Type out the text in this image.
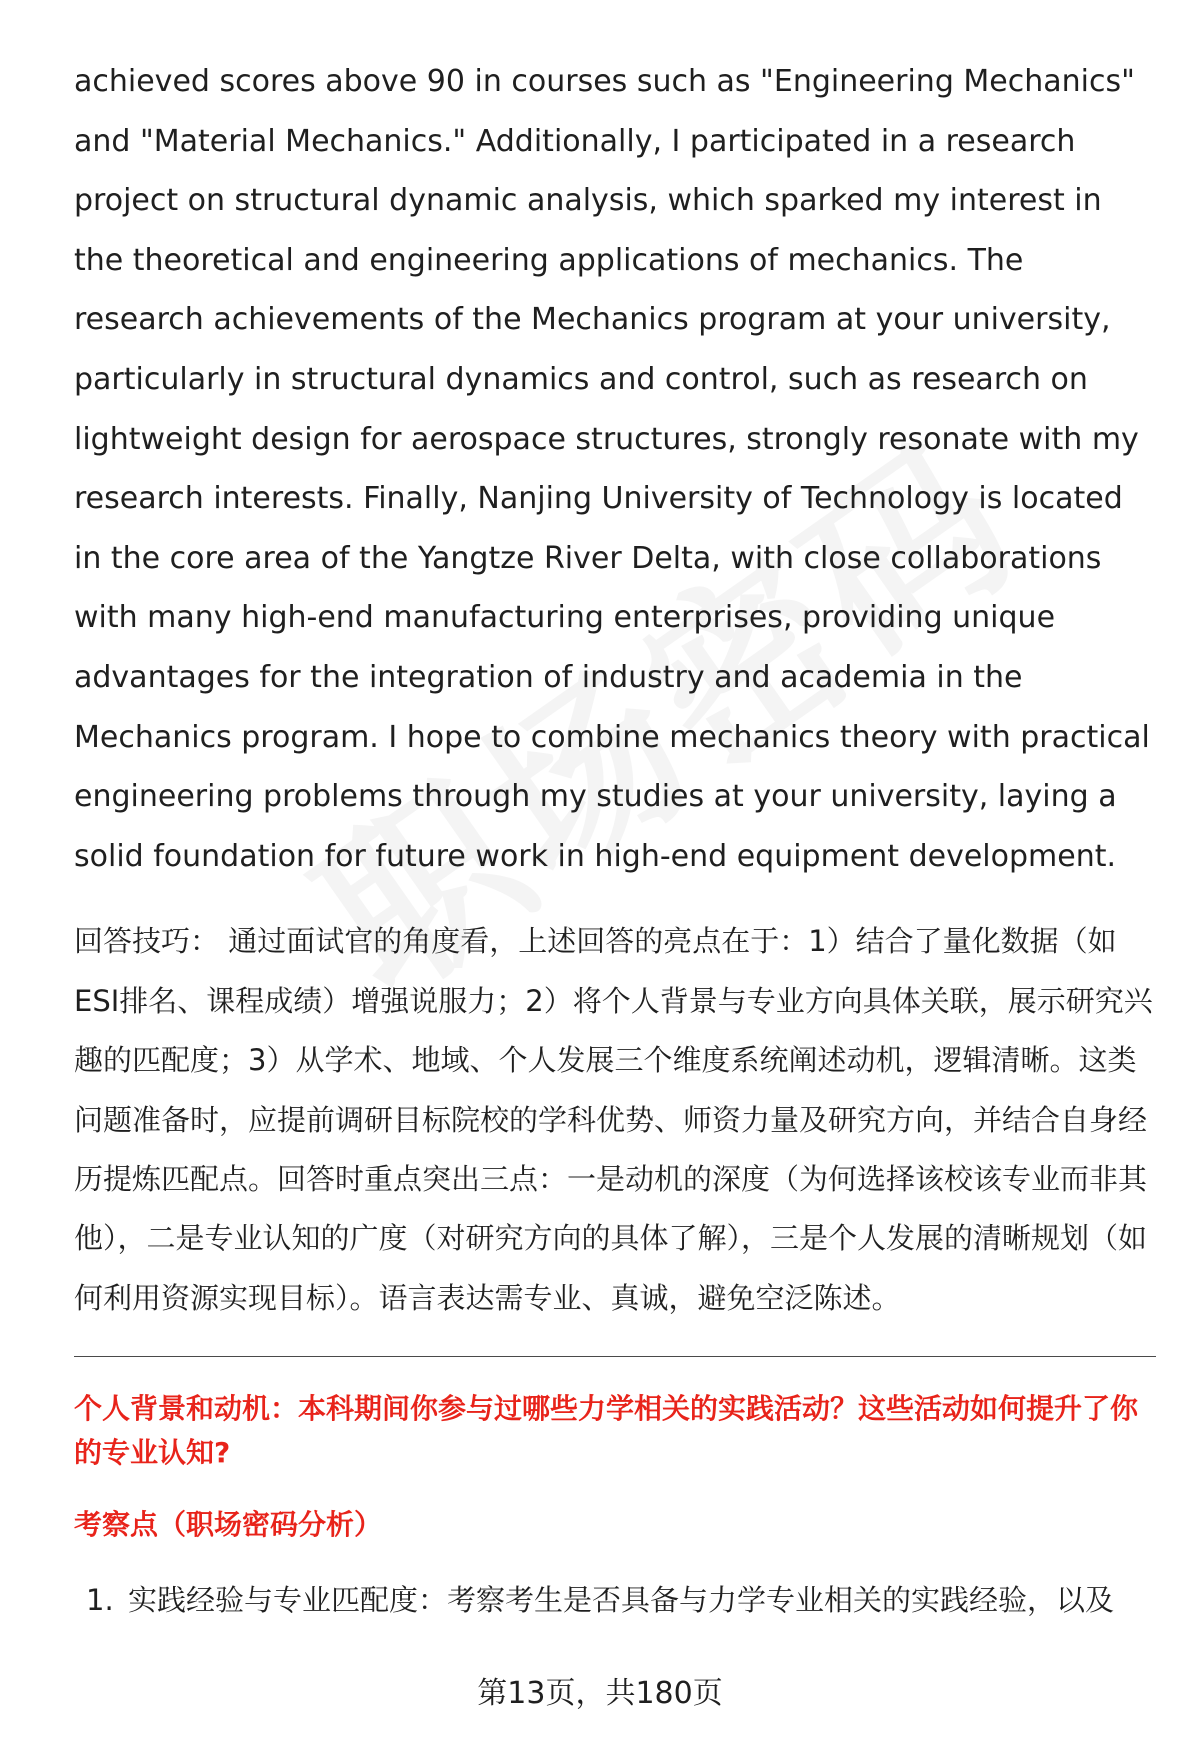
achieved scores above 90 in courses such as "Engineering Mechanics" and "Material Mechanics." Additionally, I participated in a research project on structural dynamic analysis, which sparked my interest in the theoretical and engineering applications of mechanics. The research achievements of the Mechanics program at your university, particularly in structural dynamics and control, such as research on lightweight design for aerospace structures, strongly resonate with my research interests. Finally, Nanjing University of Technology is located in the core area of the Yangtze River Delta, with close collaborations with many high-end manufacturing enterprises, providing unique advantages for the integration of industry and academia in the Mechanics program. I hope to combine mechanics theory with practical engineering problems through my studies at your university, laying a solid foundation for future work in high-end equipment development.

回答技巧： 通过面试官的角度看，上述回答的亮点在于：1）结合了量化数据（如ESI排名、课程成绩）增强说服力；2）将个人背景与专业方向具体关联，展示研究兴趣的匹配度；3）从学术、地域、个人发展三个维度系统阐述动机，逻辑清晰。这类问题准备时，应提前调研目标院校的学科优势、师资力量及研究方向，并结合自身经历提炼匹配点。回答时重点突出三点：一是动机的深度（为何选择该校该专业而非其他），二是专业认知的广度（对研究方向的具体了解），三是个人发展的清晰规划（如何利用资源实现目标）。语言表达需专业、真诚，避免空泛陈述。

个人背景和动机：本科期间你参与过哪些力学相关的实践活动？这些活动如何提升了你的专业认知?

考察点（职场密码分析）

1. 实践经验与专业匹配度：考察考生是否具备与力学专业相关的实践经验，以及
第13页，共180页
